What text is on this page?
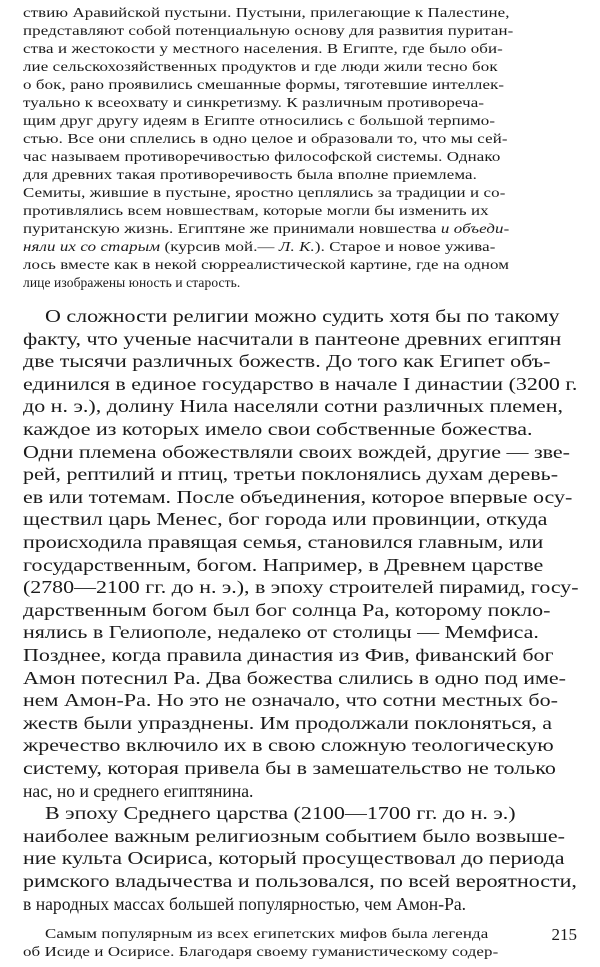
ствию Аравийской пустыни. Пустыни, прилегающие к Палестине,
представляют собой потенциальную основу для развития пуритан-
ства и жестокости у местного населения. В Египте, где было оби-
лие сельскохозяйственных продуктов и где люди жили тесно бок
о бок, рано проявились смешанные формы, тяготевшие интеллек-
туально к всеохвату и синкретизму. К различным противореча-
щим друг другу идеям в Египте относились с большой терпимо-
стью. Все они сплелись в одно целое и образовали то, что мы сей-
час называем противоречивостью философской системы. Однако
для древних такая противоречивость была вполне приемлема.
Семиты, жившие в пустыне, яростно цеплялись за традиции и со-
противлялись всем новшествам, которые могли бы изменить их
пуританскую жизнь. Египтяне же принимали новшества и объеди-
няли их со старым (курсив мой.— Л. К.). Старое и новое ужива-
лось вместе как в некой сюрреалистической картине, где на одном
лице изображены юность и старость.
О сложности религии можно судить хотя бы по такому
факту, что ученые насчитали в пантеоне древних египтян
две тысячи различных божеств. До того как Египет объ-
единился в единое государство в начале I династии (3200 г.
до н. э.), долину Нила населяли сотни различных племен,
каждое из которых имело свои собственные божества.
Одни племена обожествляли своих вождей, другие — зве-
рей, рептилий и птиц, третьи поклонялись духам деревь-
ев или тотемам. После объединения, которое впервые осу-
ществил царь Менес, бог города или провинции, откуда
происходила правящая семья, становился главным, или
государственным, богом. Например, в Древнем царстве
(2780—2100 гг. до н. э.), в эпоху строителей пирамид, госу-
дарственным богом был бог солнца Ра, которому покло-
нялись в Гелиополе, недалеко от столицы — Мемфиса.
Позднее, когда правила династия из Фив, фиванский бог
Амон потеснил Ра. Два божества слились в одно под име-
нем Амон-Ра. Но это не означало, что сотни местных бо-
жеств были упразднены. Им продолжали поклоняться, а
жречество включило их в свою сложную теологическую
систему, которая привела бы в замешательство не только
нас, но и среднего египтянина.
В эпоху Среднего царства (2100—1700 гг. до н. э.)
наиболее важным религиозным событием было возвыше-
ние культа Осириса, который просуществовал до периода
римского владычества и пользовался, по всей вероятности,
в народных массах большей популярностью, чем Амон-Ра.
215
Самым популярным из всех египетских мифов была легенда
об Исиде и Осирисе. Благодаря своему гуманистическому содер-
